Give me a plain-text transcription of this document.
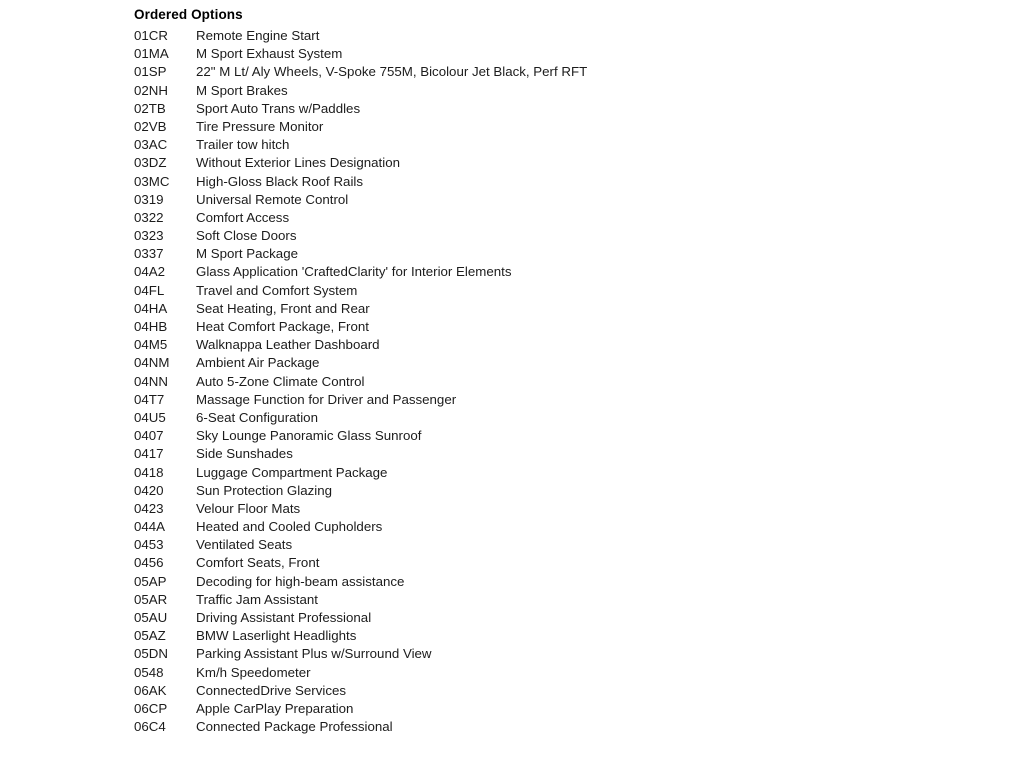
Ordered Options
01CR	Remote Engine Start
01MA	M Sport Exhaust System
01SP	22" M Lt/ Aly Wheels, V-Spoke 755M, Bicolour Jet Black, Perf RFT
02NH	M Sport Brakes
02TB	Sport Auto Trans w/Paddles
02VB	Tire Pressure Monitor
03AC	Trailer tow hitch
03DZ	Without Exterior Lines Designation
03MC	High-Gloss Black Roof Rails
0319	Universal Remote Control
0322	Comfort Access
0323	Soft Close Doors
0337	M Sport Package
04A2	Glass Application 'CraftedClarity' for Interior Elements
04FL	Travel and Comfort System
04HA	Seat Heating, Front and Rear
04HB	Heat Comfort Package, Front
04M5	Walknappa Leather Dashboard
04NM	Ambient Air Package
04NN	Auto 5-Zone Climate Control
04T7	Massage Function for Driver and Passenger
04U5	6-Seat Configuration
0407	Sky Lounge Panoramic Glass Sunroof
0417	Side Sunshades
0418	Luggage Compartment Package
0420	Sun Protection Glazing
0423	Velour Floor Mats
044A	Heated and Cooled Cupholders
0453	Ventilated Seats
0456	Comfort Seats, Front
05AP	Decoding for high-beam assistance
05AR	Traffic Jam Assistant
05AU	Driving Assistant Professional
05AZ	BMW Laserlight Headlights
05DN	Parking Assistant Plus w/Surround View
0548	Km/h Speedometer
06AK	ConnectedDrive Services
06CP	Apple CarPlay Preparation
06C4	Connected Package Professional
